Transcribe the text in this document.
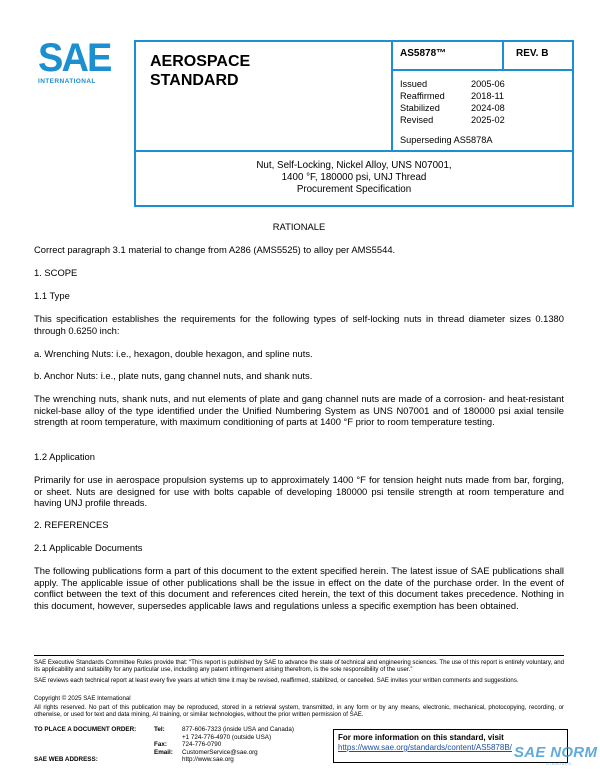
SAE
INTERNATIONAL
AEROSPACE
STANDARD
AS5878™	REV. B
Issued	2005-06
Reaffirmed	2018-11
Stabilized	2024-08
Revised	2025-02
Superseding AS5878A
Nut, Self-Locking, Nickel Alloy, UNS N07001,
1400 °F, 180000 psi, UNJ Thread
Procurement Specification
RATIONALE
Correct paragraph 3.1 material to change from A286 (AMS5525) to alloy per AMS5544.
1. SCOPE
1.1 Type
This specification establishes the requirements for the following types of self-locking nuts in thread diameter sizes 0.1380 through 0.6250 inch:
a. Wrenching Nuts: i.e., hexagon, double hexagon, and spline nuts.
b. Anchor Nuts: i.e., plate nuts, gang channel nuts, and shank nuts.
The wrenching nuts, shank nuts, and nut elements of plate and gang channel nuts are made of a corrosion- and heat-resistant nickel-base alloy of the type identified under the Unified Numbering System as UNS N07001 and of 180000 psi axial tensile strength at room temperature, with maximum conditioning of parts at 1400 °F prior to room temperature testing.
1.2 Application
Primarily for use in aerospace propulsion systems up to approximately 1400 °F for tension height nuts made from bar, forging, or sheet. Nuts are designed for use with bolts capable of developing 180000 psi tensile strength at room temperature and having UNJ profile threads.
2. REFERENCES
2.1 Applicable Documents
The following publications form a part of this document to the extent specified herein. The latest issue of SAE publications shall apply. The applicable issue of other publications shall be the issue in effect on the date of the purchase order. In the event of conflict between the text of this document and references cited herein, the text of this document takes precedence. Nothing in this document, however, supersedes applicable laws and regulations unless a specific exemption has been obtained.
SAE Executive Standards Committee Rules provide that: “This report is published by SAE to advance the state of technical and engineering sciences. The use of this report is entirely voluntary, and its applicability and suitability for any particular use, including any patent infringement arising therefrom, is the sole responsibility of the user.”
SAE reviews each technical report at least every five years at which time it may be revised, reaffirmed, stabilized, or cancelled. SAE invites your written comments and suggestions.
Copyright © 2025 SAE International
All rights reserved. No part of this publication may be reproduced, stored in a retrieval system, transmitted, in any form or by any means, electronic, mechanical, photocopying, recording, or otherwise, or used for text and data mining, AI training, or similar technologies, without the prior written permission of SAE.
TO PLACE A DOCUMENT ORDER:	Tel:	877-606-7323 (inside USA and Canada)
+1 724-776-4970 (outside USA)
Fax: 724-776-0790
Email: CustomerService@sae.org
SAE WEB ADDRESS:	http://www.sae.org
For more information on this standard, visit
https://www.sae.org/standards/content/AS5878B/ SAE NORM
STANDARD
